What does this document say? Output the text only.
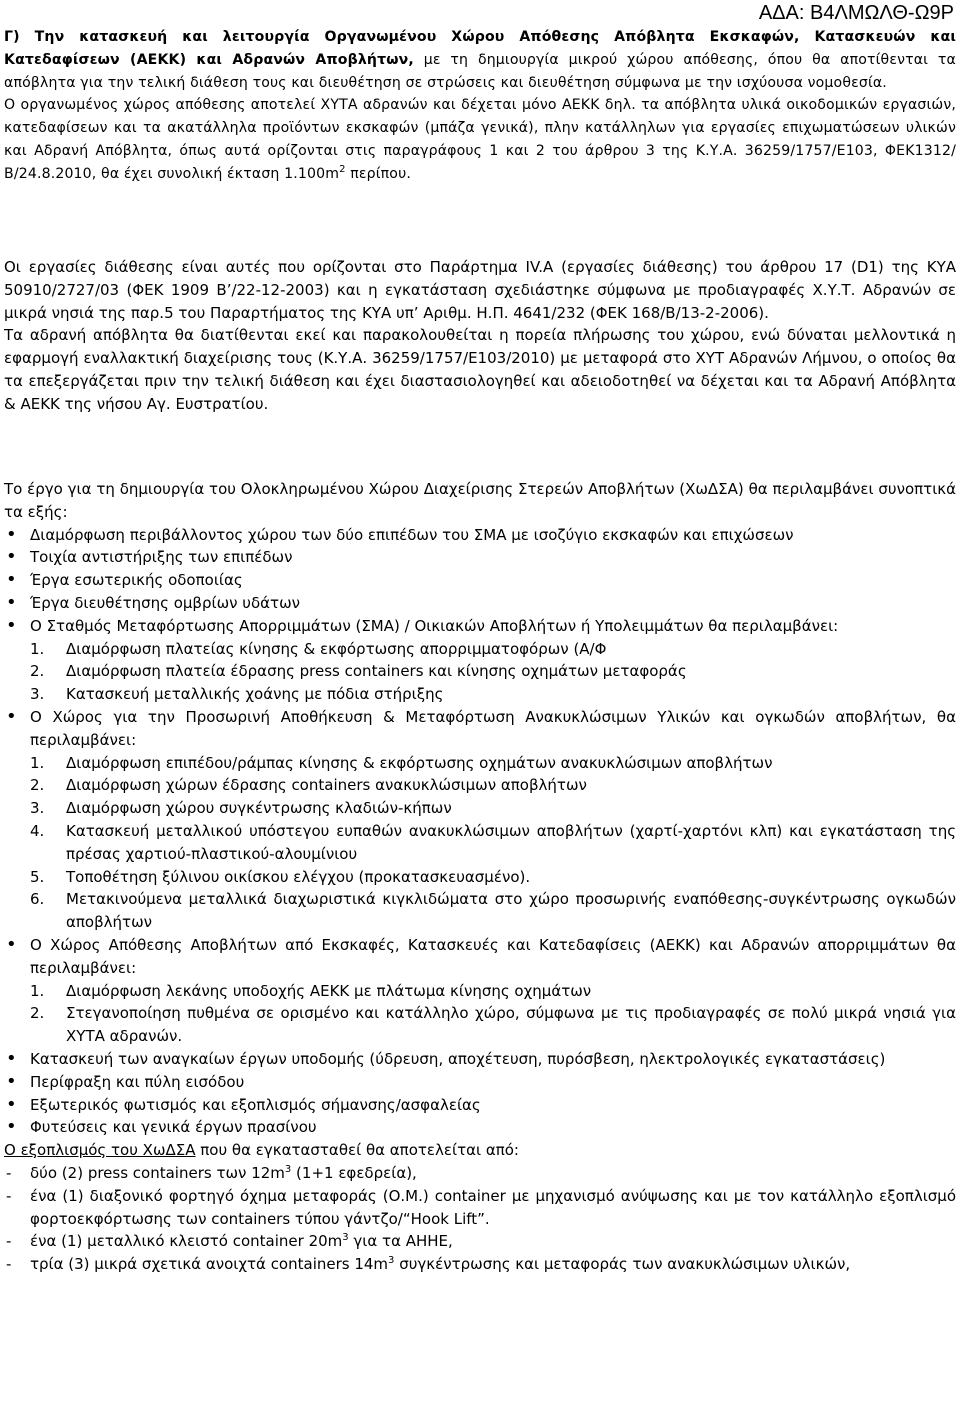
ΑΔΑ: Β4ΛΜΩΛΘ-Ω9Ρ

Γ) Την κατασκευή και λειτουργία Οργανωμένου Χώρου Απόθεσης Απόβλητα Εκσκαφών, Κατασκευών και Κατεδαφίσεων (ΑΕΚΚ) και Αδρανών Αποβλήτων, με τη δημιουργία μικρού χώρου απόθεσης, όπου θα αποτίθενται τα απόβλητα για την τελική διάθεση τους και διευθέτηση σε στρώσεις και διευθέτηση σύμφωνα με την ισχύουσα νομοθεσία.

Ο οργανωμένος χώρος απόθεσης αποτελεί ΧΥΤΑ αδρανών και δέχεται μόνο ΑΕΚΚ δηλ. τα απόβλητα υλικά οικοδομικών εργασιών, κατεδαφίσεων και τα ακατάλληλα προϊόντων εκσκαφών (μπάζα γενικά), πλην κατάλληλων για εργασίες επιχωματώσεων υλικών και Αδρανή Απόβλητα, όπως αυτά ορίζονται στις παραγράφους 1 και 2 του άρθρου 3 της Κ.Υ.Α. 36259/1757/Ε103, ΦΕΚ1312/Β/24.8.2010, θα έχει συνολική έκταση $1.100m^2$ περίπου.

Οι εργασίες διάθεσης είναι αυτές που ορίζονται στο Παράρτημα IV.A (εργασίες διάθεσης) του άρθρου 17 (D1) της ΚΥΑ 50910/2727/03 (ΦΕΚ 1909 Β’/22-12-2003) και η εγκατάσταση σχεδιάστηκε σύμφωνα με προδιαγραφές Χ.Υ.Τ. Αδρανών σε μικρά νησιά της παρ.5 του Παραρτήματος της ΚΥΑ υπ’ Αριθμ. Η.Π. 4641/232 (ΦΕΚ 168/Β/13-2-2006).

Τα αδρανή απόβλητα θα διατίθενται εκεί και παρακολουθείται η πορεία πλήρωσης του χώρου, ενώ δύναται μελλοντικά η εφαρμογή εναλλακτική διαχείρισης τους (Κ.Υ.Α. 36259/1757/Ε103/2010) με μεταφορά στο ΧΥΤ Αδρανών Λήμνου, ο οποίος θα τα επεξεργάζεται πριν την τελική διάθεση και έχει διαστασιολογηθεί και αδειοδοτηθεί να δέχεται και τα Αδρανή Απόβλητα & ΑΕΚΚ της νήσου Αγ. Ευστρατίου.

Το έργο για τη δημιουργία του Ολοκληρωμένου Χώρου Διαχείρισης Στερεών Αποβλήτων (ΧωΔΣΑ) θα περιλαμβάνει συνοπτικά τα εξής:

• Διαμόρφωση περιβάλλοντος χώρου των δύο επιπέδων του ΣΜΑ με ισοζύγιο εκσκαφών και επιχώσεων
• Τοιχία αντιστήριξης των επιπέδων
• Έργα εσωτερικής οδοποιίας
• Έργα διευθέτησης ομβρίων υδάτων
• Ο Σταθμός Μεταφόρτωσης Απορριμμάτων (ΣΜΑ) / Οικιακών Αποβλήτων ή Υπολειμμάτων θα περιλαμβάνει:
1. Διαμόρφωση πλατείας κίνησης & εκφόρτωσης απορριμματοφόρων (Α/Φ
2. Διαμόρφωση πλατεία έδρασης press containers και κίνησης οχημάτων μεταφοράς
3. Κατασκευή μεταλλικής χοάνης με πόδια στήριξης
• Ο Χώρος για την Προσωρινή Αποθήκευση & Μεταφόρτωση Ανακυκλώσιμων Υλικών και ογκωδών αποβλήτων, θα περιλαμβάνει:
1. Διαμόρφωση επιπέδου/ράμπας κίνησης & εκφόρτωσης οχημάτων ανακυκλώσιμων αποβλήτων
2. Διαμόρφωση χώρων έδρασης containers ανακυκλώσιμων αποβλήτων
3. Διαμόρφωση χώρου συγκέντρωσης κλαδιών-κήπων
4. Κατασκευή μεταλλικού υπόστεγου ευπαθών ανακυκλώσιμων αποβλήτων (χαρτί-χαρτόνι κλπ) και εγκατάσταση της πρέσας χαρτιού-πλαστικού-αλουμίνιου
5. Τοποθέτηση ξύλινου οικίσκου ελέγχου (προκατασκευασμένο).
6. Μετακινούμενα μεταλλικά διαχωριστικά κιγκλιδώματα στο χώρο προσωρινής εναπόθεσης-συγκέντρωσης ογκωδών αποβλήτων
• Ο Χώρος Απόθεσης Αποβλήτων από Εκσκαφές, Κατασκευές και Κατεδαφίσεις (ΑΕΚΚ) και Αδρανών απορριμμάτων θα περιλαμβάνει:
1. Διαμόρφωση λεκάνης υποδοχής ΑΕΚΚ με πλάτωμα κίνησης οχημάτων
2. Στεγανοποίηση πυθμένα σε ορισμένο και κατάλληλο χώρο, σύμφωνα με τις προδιαγραφές σε πολύ μικρά νησιά για ΧΥΤΑ αδρανών.
• Κατασκευή των αναγκαίων έργων υποδομής (ύδρευση, αποχέτευση, πυρόσβεση, ηλεκτρολογικές εγκαταστάσεις)
• Περίφραξη και πύλη εισόδου
• Εξωτερικός φωτισμός και εξοπλισμός σήμανσης/ασφαλείας
• Φυτεύσεις και γενικά έργων πρασίνου

Ο εξοπλισμός του ΧωΔΣΑ που θα εγκατασταθεί θα αποτελείται από:

- δύο (2) press containers των $12m^3$ (1+1 εφεδρεία),
- ένα (1) διαξονικό φορτηγό όχημα μεταφοράς (Ο.Μ.) container με μηχανισμό ανύψωσης και με τον κατάλληλο εξοπλισμό φορτοεκφόρτωσης των containers τύπου γάντζο/“Hook Lift”.
- ένα (1) μεταλλικό κλειστό container $20m^3$ για τα ΑΗΗΕ,
- τρία (3) μικρά σχετικά ανοιχτά containers $14m^3$ συγκέντρωσης και μεταφοράς των ανακυκλώσιμων υλικών,
